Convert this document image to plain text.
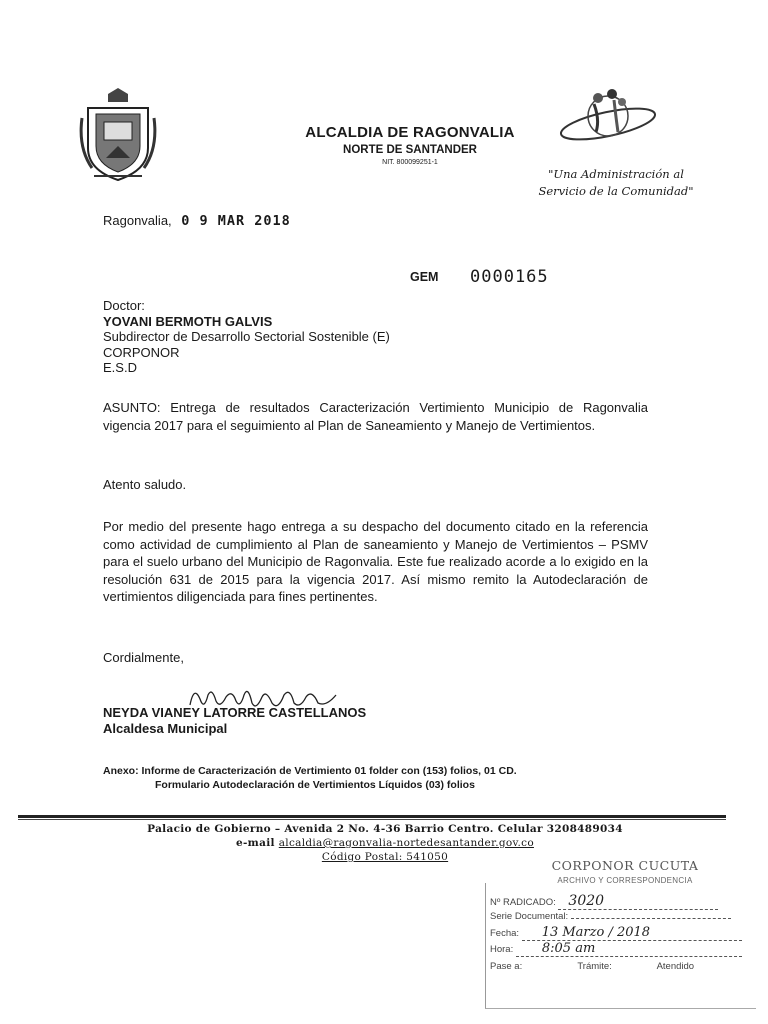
ALCALDIA DE RAGONVALIA
NORTE DE SANTANDER
NIT. 800099251-1
"Una Administración al
Servicio de la Comunidad"
Ragonvalia, 0 9 MAR 2018
GEM 0000165
Doctor:
YOVANI BERMOTH GALVIS
Subdirector de Desarrollo Sectorial Sostenible (E)
CORPONOR
E.S.D
ASUNTO: Entrega de resultados Caracterización Vertimiento Municipio de Ragonvalia vigencia 2017 para el seguimiento al Plan de Saneamiento y Manejo de Vertimientos.
Atento saludo.
Por medio del presente hago entrega a su despacho del documento citado en la referencia como actividad de cumplimiento al Plan de saneamiento y Manejo de Vertimientos – PSMV para el suelo urbano del Municipio de Ragonvalia. Este fue realizado acorde a lo exigido en la resolución 631 de 2015 para la vigencia 2017. Así mismo remito la Autodeclaración de vertimientos diligenciada para fines pertinentes.
Cordialmente,
NEYDA VIANEY LATORRE CASTELLANOS
Alcaldesa Municipal
Anexo: Informe de Caracterización de Vertimiento 01 folder con (153) folios, 01 CD.
Formulario Autodeclaración de Vertimientos Líquidos (03) folios
Palacio de Gobierno – Avenida 2 No. 4-36 Barrio Centro. Celular 3208489034
e-mail alcaldia@ragonvalia-nortedesantander.gov.co
Código Postal: 541050
CORPONOR CUCUTA
ARCHIVO Y CORRESPONDENCIA
Nº RADICADO: 3020
Serie Documental:
Fecha: 13 Marzo / 2018
Hora: 8:05 am
Pase a:	Trámite:	Atendido
